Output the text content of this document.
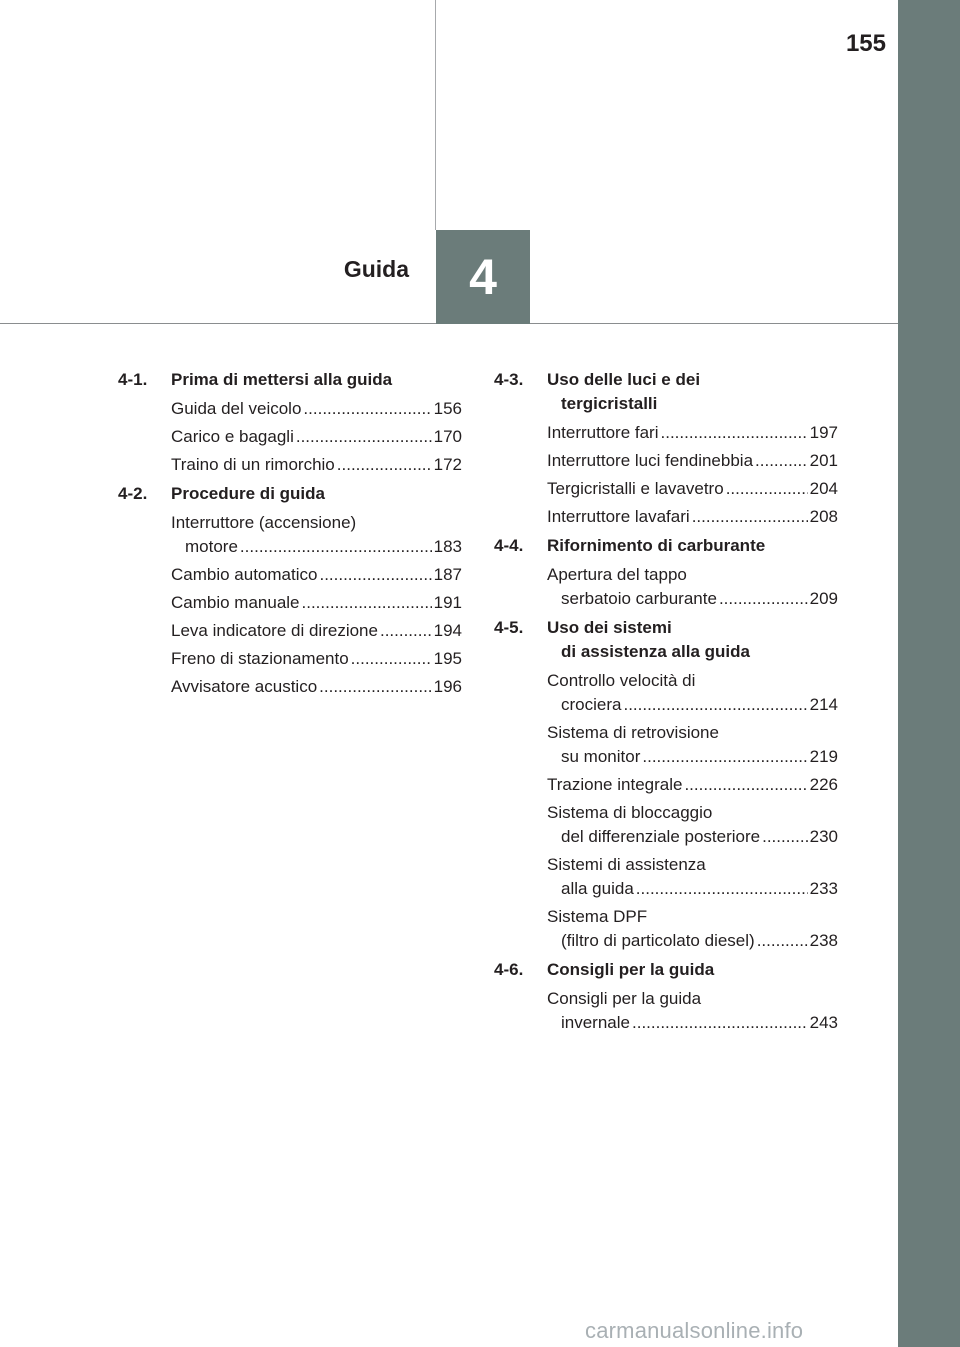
155
4
Guida
4-1.	Prima di mettersi alla guida
Guida del veicolo .....	156
Carico e bagagli .....	170
Traino di un rimorchio .....	172
4-2.	Procedure di guida
Interruttore (accensione)
motore .....	183
Cambio automatico .....	187
Cambio manuale .....	191
Leva indicatore di direzione .....	194
Freno di stazionamento .....	195
Avvisatore acustico .....	196
4-3.	Uso delle luci e dei
tergicristalli
Interruttore fari .....	197
Interruttore luci fendinebbia .....	201
Tergicristalli e lavavetro .....	204
Interruttore lavafari .....	208
4-4.	Rifornimento di carburante
Apertura del tappo
serbatoio carburante .....	209
4-5.	Uso dei sistemi
di assistenza alla guida
Controllo velocità di
crociera .....	214
Sistema di retrovisione
su monitor .....	219
Trazione integrale .....	226
Sistema di bloccaggio
del differenziale posteriore .....	230
Sistemi di assistenza
alla guida .....	233
Sistema DPF
(filtro di particolato diesel) .....	238
4-6.	Consigli per la guida
Consigli per la guida
invernale .....	243
carmanualsonline.info
